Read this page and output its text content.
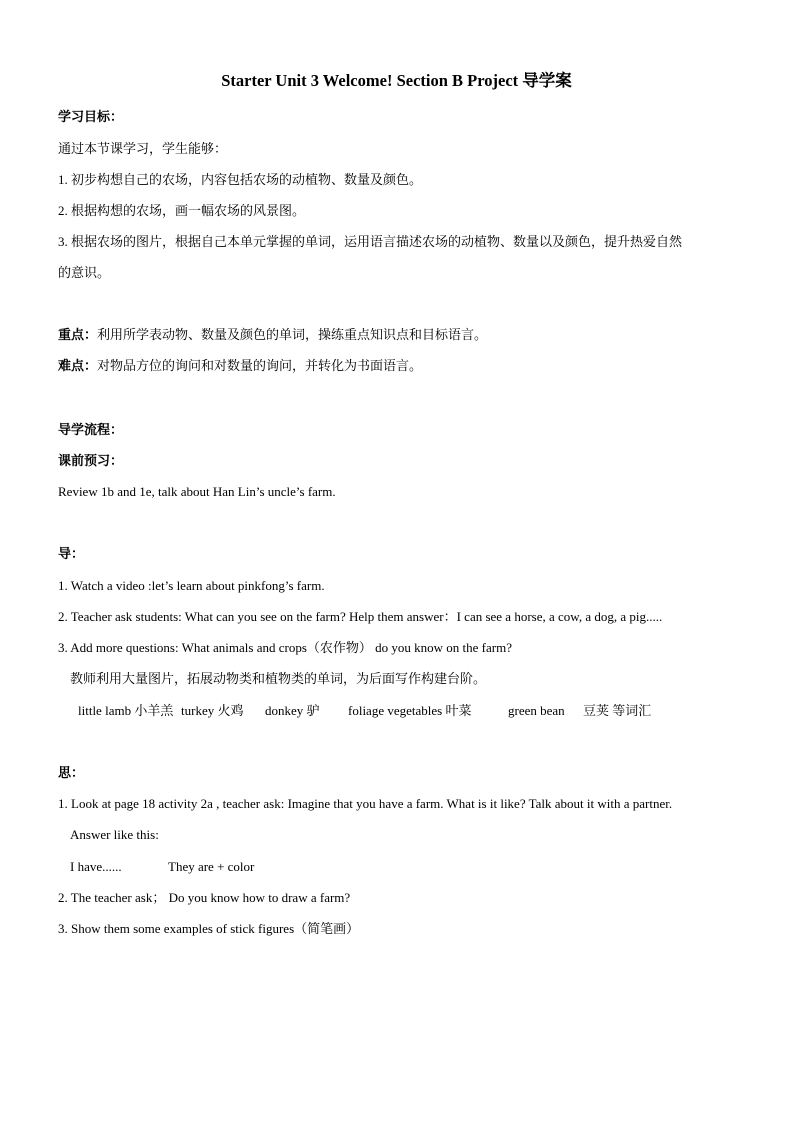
Starter Unit 3 Welcome! Section B Project 导学案
学习目标：
通过本节课学习，学生能够：
1. 初步构想自己的农场，内容包括农场的动植物、数量及颜色。
2. 根据构想的农场，画一幅农场的风景图。
3. 根据农场的图片，根据自己本单元掌握的单词，运用语言描述农场的动植物、数量以及颜色，提升热爱自然
的意识。
重点：利用所学表动物、数量及颜色的单词，操练重点知识点和目标语言。
难点：对物品方位的询问和对数量的询问，并转化为书面语言。
导学流程：
课前预习：
Review 1b and 1e, talk about Han Lin’s uncle’s farm.
导：
1. Watch a video :let’s learn about pinkfong’s farm.
2. Teacher ask students: What can you see on the farm? Help them answer：I can see a horse, a cow, a dog, a pig.....
3. Add more questions: What animals and crops（农作物） do you know on the farm?
教师利用大量图片，拓展动物类和植物类的单词，为后面写作构建台阶。
little lamb 小羊羔 turkey 火鸡 donkey 驴 foliage vegetables 叶菜	green bean 豆荚 等词汇
思：
1. Look at page 18 activity 2a , teacher ask: Imagine that you have a farm. What is it like? Talk about it with a partner.
Answer like this:
I have......	They are + color
2. The teacher ask； Do you know how to draw a farm?
3. Show them some examples of stick figures（简笔画）
